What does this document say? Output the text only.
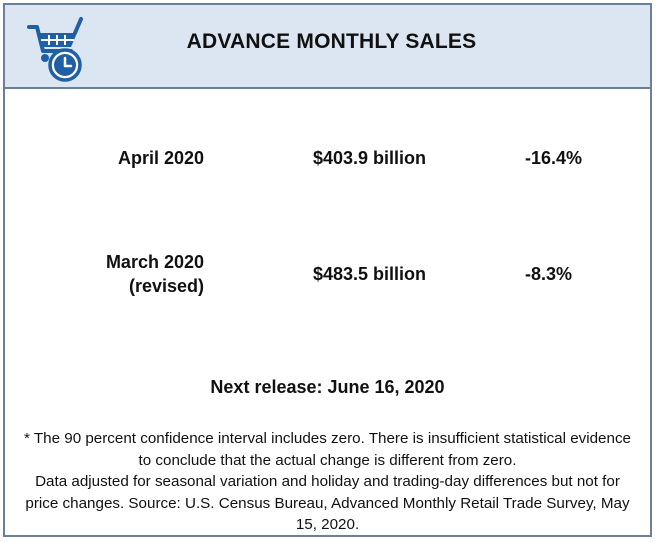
ADVANCE MONTHLY SALES
April 2020	$403.9 billion	-16.4%
March 2020
(revised)
$483.5 billion	-8.3%
Next release: June 16, 2020

* The 90 percent confidence interval includes zero. There is insufficient statistical evidence to conclude that the actual change is different from zero.

Data adjusted for seasonal variation and holiday and trading-day differences but not for price changes. Source: U.S. Census Bureau, Advanced Monthly Retail Trade Survey, May 15, 2020.
